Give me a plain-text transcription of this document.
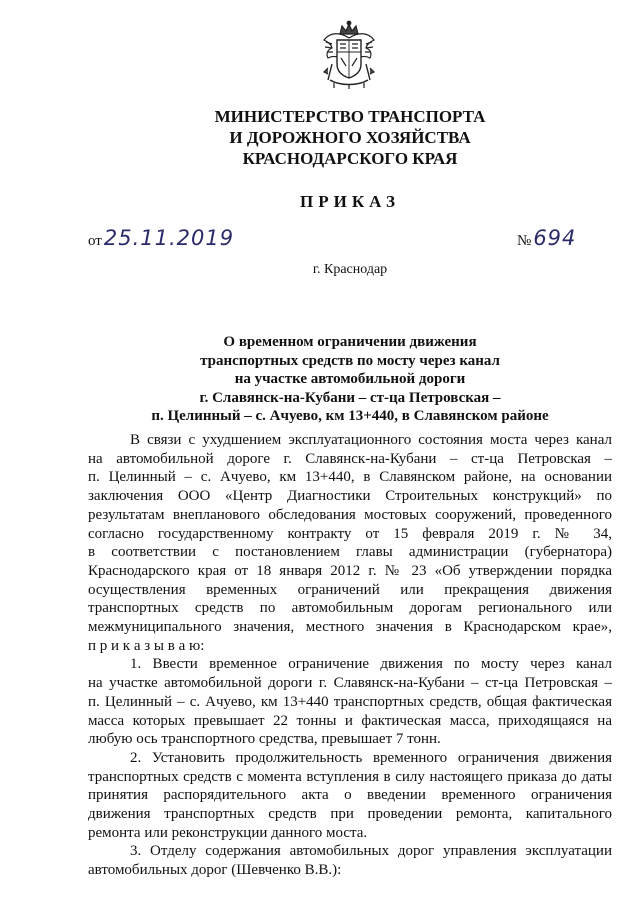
МИНИСТЕРСТВО ТРАНСПОРТА
И ДОРОЖНОГО ХОЗЯЙСТВА
КРАСНОДАРСКОГО КРАЯ
ПРИКАЗ
от25.11.2019	№694
г. Краснодар
О временном ограничении движения
транспортных средств по мосту через канал
на участке автомобильной дороги
г. Славянск-на-Кубани – ст-ца Петровская –
п. Целинный – с. Ачуево, км 13+440, в Славянском районе
В связи с ухудшением эксплуатационного состояния моста через канал
на автомобильной дороге г. Славянск-на-Кубани – ст-ца Петровская –
п. Целинный – с. Ачуево, км 13+440, в Славянском районе, на основании
заключения ООО «Центр Диагностики Строительных конструкций» по
результатам внепланового обследования мостовых сооружений, проведенного
согласно государственному контракту от 15 февраля 2019 г. № 34,
в соответствии с постановлением главы администрации (губернатора)
Краснодарского края от 18 января 2012 г. № 23 «Об утверждении порядка
осуществления временных ограничений или прекращения движения
транспортных средств по автомобильным дорогам регионального или
межмуниципального значения, местного значения в Краснодарском крае»,
п р и к а з ы в а ю:
1. Ввести временное ограничение движения по мосту через канал
на участке автомобильной дороги г. Славянск-на-Кубани – ст-ца Петровская –
п. Целинный – с. Ачуево, км 13+440 транспортных средств, общая фактическая
масса которых превышает 22 тонны и фактическая масса, приходящаяся на
любую ось транспортного средства, превышает 7 тонн.
2. Установить продолжительность временного ограничения движения
транспортных средств с момента вступления в силу настоящего приказа до даты
принятия распорядительного акта о введении временного ограничения
движения транспортных средств при проведении ремонта, капитального
ремонта или реконструкции данного моста.
3. Отделу содержания автомобильных дорог управления эксплуатации
автомобильных дорог (Шевченко В.В.):
